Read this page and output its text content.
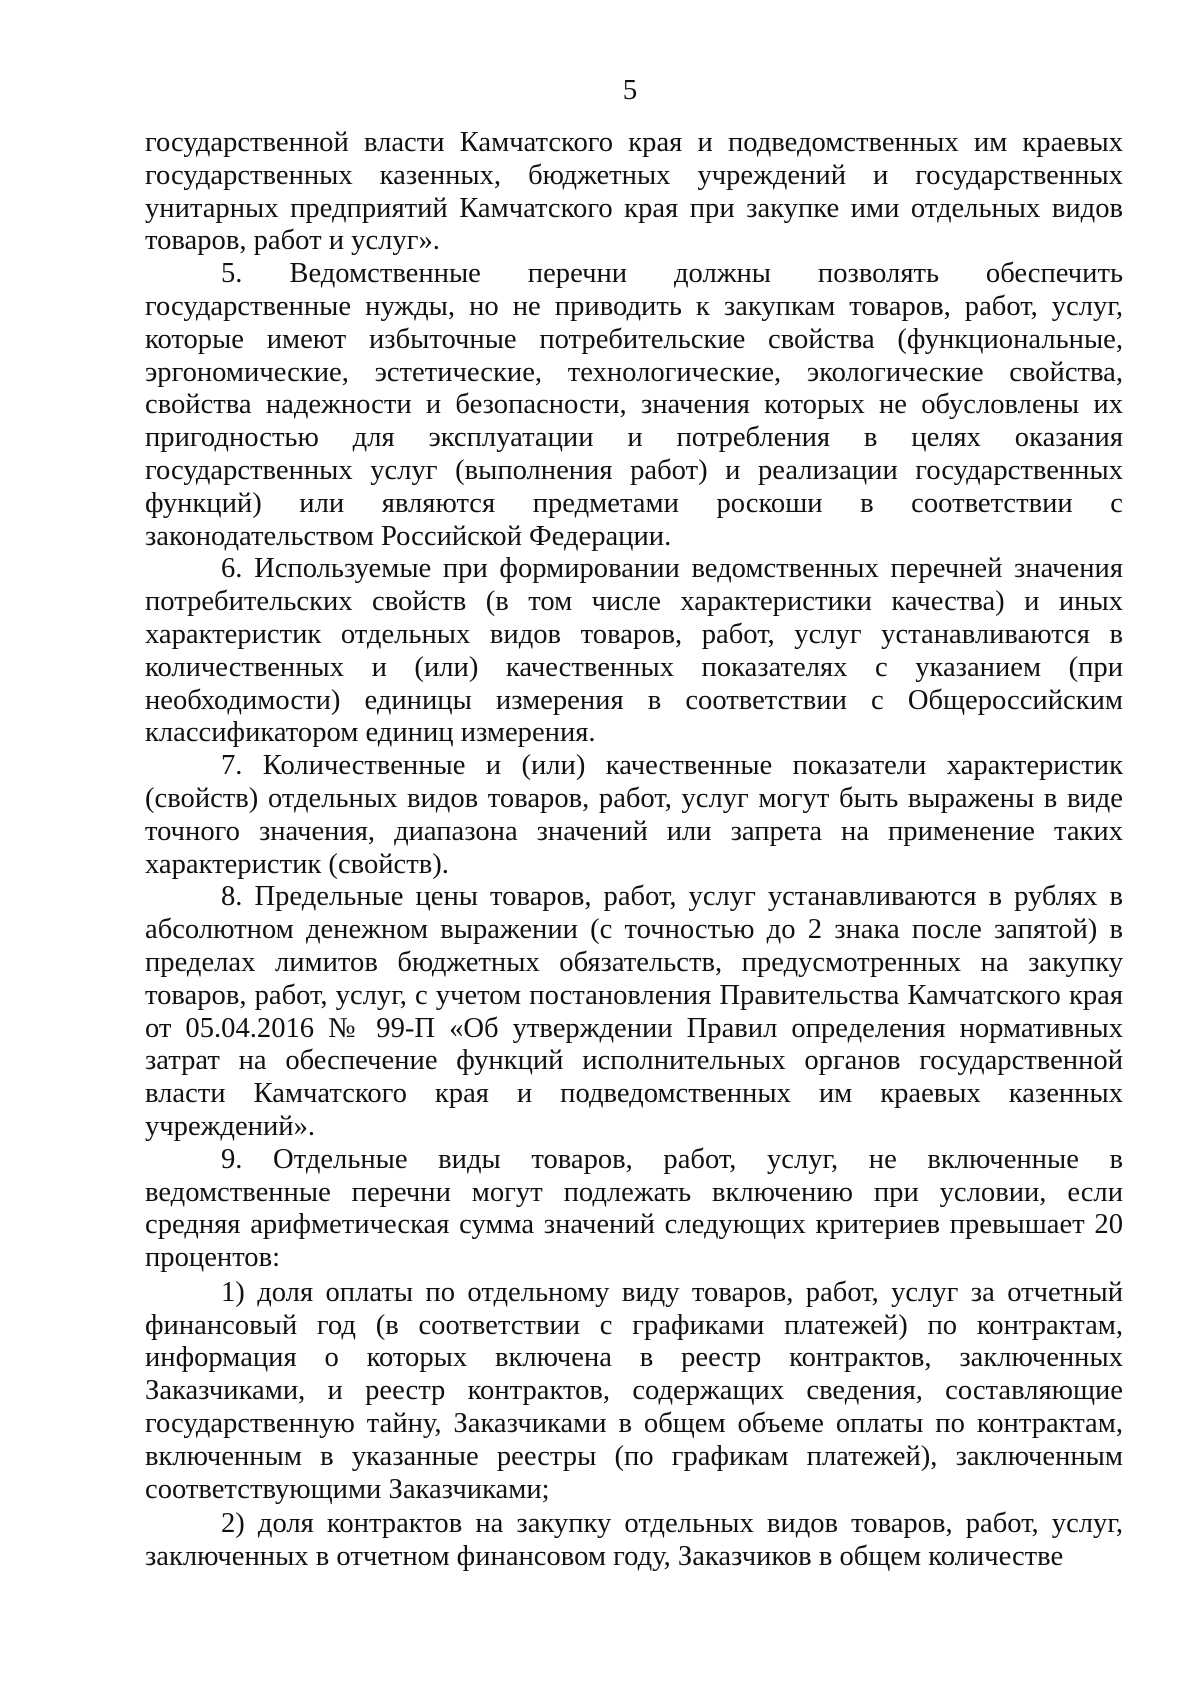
5

государственной власти Камчатского края и подведомственных им краевых государственных казенных, бюджетных учреждений и государственных унитарных предприятий Камчатского края при закупке ими отдельных видов товаров, работ и услуг».

5. Ведомственные перечни должны позволять обеспечить государственные нужды, но не приводить к закупкам товаров, работ, услуг, которые имеют избыточные потребительские свойства (функциональные, эргономические, эстетические, технологические, экологические свойства, свойства надежности и безопасности, значения которых не обусловлены их пригодностью для эксплуатации и потребления в целях оказания государственных услуг (выполнения работ) и реализации государственных функций) или являются предметами роскоши в соответствии с законодательством Российской Федерации.

6. Используемые при формировании ведомственных перечней значения потребительских свойств (в том числе характеристики качества) и иных характеристик отдельных видов товаров, работ, услуг устанавливаются в количественных и (или) качественных показателях с указанием (при необходимости) единицы измерения в соответствии с Общероссийским классификатором единиц измерения.

7. Количественные и (или) качественные показатели характеристик (свойств) отдельных видов товаров, работ, услуг могут быть выражены в виде точного значения, диапазона значений или запрета на применение таких характеристик (свойств).

8. Предельные цены товаров, работ, услуг устанавливаются в рублях в абсолютном денежном выражении (с точностью до 2 знака после запятой) в пределах лимитов бюджетных обязательств, предусмотренных на закупку товаров, работ, услуг, с учетом постановления Правительства Камчатского края от 05.04.2016 № 99-П «Об утверждении Правил определения нормативных затрат на обеспечение функций исполнительных органов государственной власти Камчатского края и подведомственных им краевых казенных учреждений».

9. Отдельные виды товаров, работ, услуг, не включенные в ведомственные перечни могут подлежать включению при условии, если средняя арифметическая сумма значений следующих критериев превышает 20 процентов:

1) доля оплаты по отдельному виду товаров, работ, услуг за отчетный финансовый год (в соответствии с графиками платежей) по контрактам, информация о которых включена в реестр контрактов, заключенных Заказчиками, и реестр контрактов, содержащих сведения, составляющие государственную тайну, Заказчиками в общем объеме оплаты по контрактам, включенным в указанные реестры (по графикам платежей), заключенным соответствующими Заказчиками;

2) доля контрактов на закупку отдельных видов товаров, работ, услуг, заключенных в отчетном финансовом году, Заказчиков в общем количестве
